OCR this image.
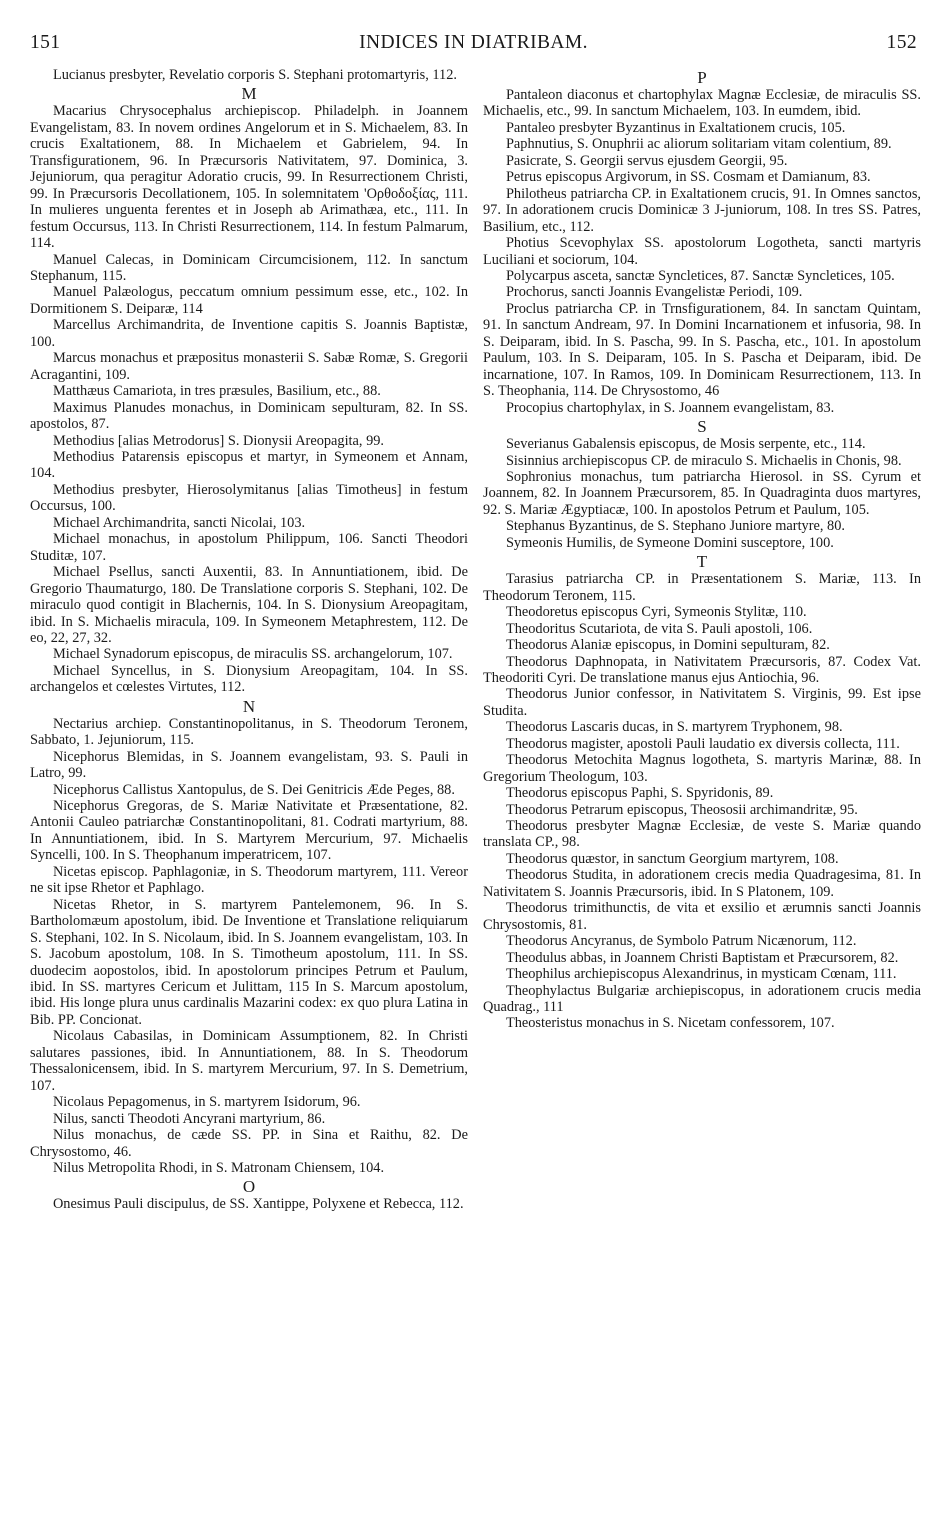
151	INDICES IN DIATRIBAM.	152

Lucianus presbyter, Revelatio corporis S. Stephani protomartyris, 112.

M

Macarius Chrysocephalus archiepiscop. Philadelph. in Joannem Evangelistam, 83. In novem ordines Angelorum et in S. Michaelem, 83. In crucis Exaltationem, 88. In Michaelem et Gabrielem, 94. In Transfigurationem, 96. In Præcursoris Nativitatem, 97. Dominica, 3. Jejuniorum, qua peragitur Adoratio crucis, 99. In Resurrectionem Christi, 99. In Præcursoris Decollationem, 105. In solemnitatem 'Ορθοδοξίας, 111. In mulieres unguenta ferentes et in Joseph ab Arimathæa, etc., 111. In festum Occursus, 113. In Christi Resurrectionem, 114. In festum Palmarum, 114.

Manuel Calecas, in Dominicam Circumcisionem, 112. In sanctum Stephanum, 115.

Manuel Palæologus, peccatum omnium pessimum esse, etc., 102. In Dormitionem S. Deiparæ, 114

Marcellus Archimandrita, de Inventione capitis S. Joannis Baptistæ, 100.

Marcus monachus et præpositus monasterii S. Sabæ Romæ, S. Gregorii Acragantini, 109.

Matthæus Camariota, in tres præsules, Basilium, etc., 88.

Maximus Planudes monachus, in Dominicam sepulturam, 82. In SS. apostolos, 87.

Methodius [alias Metrodorus] S. Dionysii Areopagita, 99.

Methodius Patarensis episcopus et martyr, in Symeonem et Annam, 104.

Methodius presbyter, Hierosolymitanus [alias Timotheus] in festum Occursus, 100.

Michael Archimandrita, sancti Nicolai, 103.

Michael monachus, in apostolum Philippum, 106. Sancti Theodori Studitæ, 107.

Michael Psellus, sancti Auxentii, 83. In Annuntiationem, ibid. De Gregorio Thaumaturgo, 180. De Translatione corporis S. Stephani, 102. De miraculo quod contigit in Blachernis, 104. In S. Dionysium Areopagitam, ibid. In S. Michaelis miracula, 109. In Symeonem Metaphrestem, 112. De eo, 22, 27, 32.

Michael Synadorum episcopus, de miraculis SS. archangelorum, 107.

Michael Syncellus, in S. Dionysium Areopagitam, 104. In SS. archangelos et cœlestes Virtutes, 112.

N

Nectarius archiep. Constantinopolitanus, in S. Theodorum Teronem, Sabbato, 1. Jejuniorum, 115.

Nicephorus Blemidas, in S. Joannem evangelistam, 93. S. Pauli in Latro, 99.

Nicephorus Callistus Xantopulus, de S. Dei Genitricis Æde Peges, 88.

Nicephorus Gregoras, de S. Mariæ Nativitate et Præsentatione, 82. Antonii Cauleo patriarchæ Constantinopolitani, 81. Codrati martyrium, 88. In Annuntiationem, ibid. In S. Martyrem Mercurium, 97. Michaelis Syncelli, 100. In S. Theophanum imperatricem, 107.

Nicetas episcop. Paphlagoniæ, in S. Theodorum martyrem, 111. Vereor ne sit ipse Rhetor et Paphlago.

Nicetas Rhetor, in S. martyrem Pantelemonem, 96. In S. Bartholomæum apostolum, ibid. De Inventione et Translatione reliquiarum S. Stephani, 102. In S. Nicolaum, ibid. In S. Joannem evangelistam, 103. In S. Jacobum apostolum, 108. In S. Timotheum apostolum, 111. In SS. duodecim aopostolos, ibid. In apostolorum principes Petrum et Paulum, ibid. In SS. martyres Cericum et Julittam, 115 In S. Marcum apostolum, ibid. His longe plura unus cardinalis Mazarini codex: ex quo plura Latina in Bib. PP. Concionat.

Nicolaus Cabasilas, in Dominicam Assumptionem, 82. In Christi salutares passiones, ibid. In Annuntiationem, 88. In S. Theodorum Thessalonicensem, ibid. In S. martyrem Mercurium, 97. In S. Demetrium, 107.

Nicolaus Pepagomenus, in S. martyrem Isidorum, 96.

Nilus, sancti Theodoti Ancyrani martyrium, 86.

Nilus monachus, de cæde SS. PP. in Sina et Raithu, 82. De Chrysostomo, 46.

Nilus Metropolita Rhodi, in S. Matronam Chiensem, 104.

O

Onesimus Pauli discipulus, de SS. Xantippe, Polyxene et Rebecca, 112.

P

Pantaleon diaconus et chartophylax Magnæ Ecclesiæ, de miraculis SS. Michaelis, etc., 99. In sanctum Michaelem, 103. In eumdem, ibid.

Pantaleo presbyter Byzantinus in Exaltationem crucis, 105.

Paphnutius, S. Onuphrii ac aliorum solitariam vitam colentium, 89.

Pasicrate, S. Georgii servus ejusdem Georgii, 95.

Petrus episcopus Argivorum, in SS. Cosmam et Damianum, 83.

Philotheus patriarcha CP. in Exaltationem crucis, 91. In Omnes sanctos, 97. In adorationem crucis Dominicæ 3 J-juniorum, 108. In tres SS. Patres, Basilium, etc., 112.

Photius Scevophylax SS. apostolorum Logotheta, sancti martyris Luciliani et sociorum, 104.

Polycarpus asceta, sanctæ Syncletices, 87. Sanctæ Syncletices, 105.

Prochorus, sancti Joannis Evangelistæ Periodi, 109.

Proclus patriarcha CP. in Trnsfigurationem, 84. In sanctam Quintam, 91. In sanctum Andream, 97. In Domini Incarnationem et infusoria, 98. In S. Deiparam, ibid. In S. Pascha, 99. In S. Pascha, etc., 101. In apostolum Paulum, 103. In S. Deiparam, 105. In S. Pascha et Deiparam, ibid. De incarnatione, 107. In Ramos, 109. In Dominicam Resurrectionem, 113. In S. Theophania, 114. De Chrysostomo, 46

Procopius chartophylax, in S. Joannem evangelistam, 83.

S

Severianus Gabalensis episcopus, de Mosis serpente, etc., 114.

Sisinnius archiepiscopus CP. de miraculo S. Michaelis in Chonis, 98.

Sophronius monachus, tum patriarcha Hierosol. in SS. Cyrum et Joannem, 82. In Joannem Præcursorem, 85. In Quadraginta duos martyres, 92. S. Mariæ Ægyptiacæ, 100. In apostolos Petrum et Paulum, 105.

Stephanus Byzantinus, de S. Stephano Juniore martyre, 80.

Symeonis Humilis, de Symeone Domini susceptore, 100.

T

Tarasius patriarcha CP. in Præsentationem S. Mariæ, 113. In Theodorum Teronem, 115.

Theodoretus episcopus Cyri, Symeonis Stylitæ, 110.

Theodoritus Scutariota, de vita S. Pauli apostoli, 106.

Theodorus Alaniæ episcopus, in Domini sepulturam, 82.

Theodorus Daphnopata, in Nativitatem Præcursoris, 87. Codex Vat. Theodoriti Cyri. De translatione manus ejus Antiochia, 96.

Theodorus Junior confessor, in Nativitatem S. Virginis, 99. Est ipse Studita.

Theodorus Lascaris ducas, in S. martyrem Tryphonem, 98.

Theodorus magister, apostoli Pauli laudatio ex diversis collecta, 111.

Theodorus Metochita Magnus logotheta, S. martyris Marinæ, 88. In Gregorium Theologum, 103.

Theodorus episcopus Paphi, S. Spyridonis, 89.

Theodorus Petrarum episcopus, Theososii archimandritæ, 95.

Theodorus presbyter Magnæ Ecclesiæ, de veste S. Mariæ quando translata CP., 98.

Theodorus quæstor, in sanctum Georgium martyrem, 108.

Theodorus Studita, in adorationem crecis media Quadragesima, 81. In Nativitatem S. Joannis Præcursoris, ibid. In S Platonem, 109.

Theodorus trimithunctis, de vita et exsilio et ærumnis sancti Joannis Chrysostomis, 81.

Theodorus Ancyranus, de Symbolo Patrum Nicænorum, 112.

Theodulus abbas, in Joannem Christi Baptistam et Præcursorem, 82.

Theophilus archiepiscopus Alexandrinus, in mysticam Cœnam, 111.

Theophylactus Bulgariæ archiepiscopus, in adorationem crucis media Quadrag., 111

Theosteristus monachus in S. Nicetam confessorem, 107.
